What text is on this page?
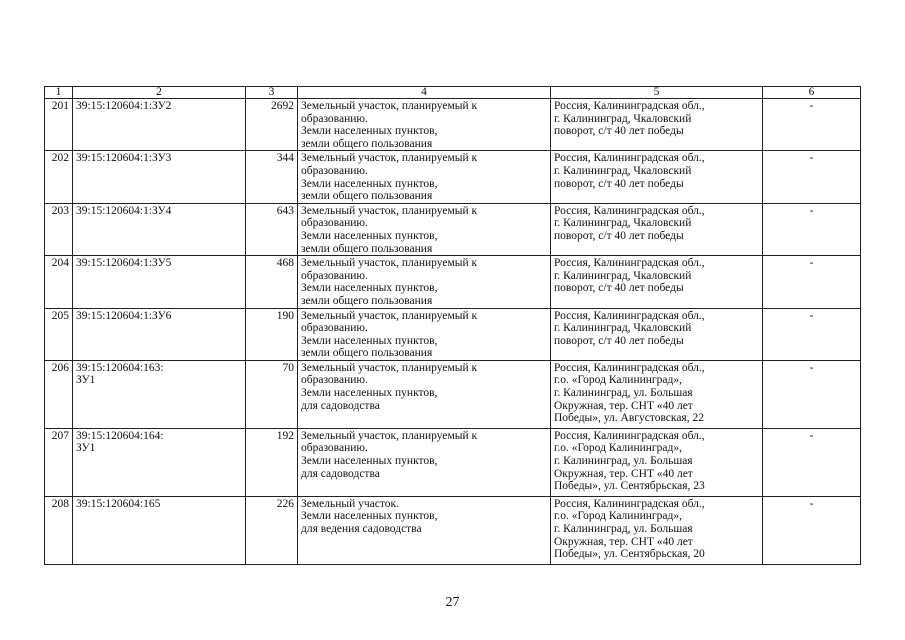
1	2	3	4	5	6
201	39:15:120604:1:ЗУ2	2692	Земельный участок, планируемый к
образованию.
Земли населенных пунктов,
земли общего пользования	Россия, Калининградская обл.,
г. Калининград, Чкаловский
поворот, с/т 40 лет победы	-
202	39:15:120604:1:ЗУ3	344	Земельный участок, планируемый к
образованию.
Земли населенных пунктов,
земли общего пользования	Россия, Калининградская обл.,
г. Калининград, Чкаловский
поворот, с/т 40 лет победы	-
203	39:15:120604:1:ЗУ4	643	Земельный участок, планируемый к
образованию.
Земли населенных пунктов,
земли общего пользования	Россия, Калининградская обл.,
г. Калининград, Чкаловский
поворот, с/т 40 лет победы	-
204	39:15:120604:1:ЗУ5	468	Земельный участок, планируемый к
образованию.
Земли населенных пунктов,
земли общего пользования	Россия, Калининградская обл.,
г. Калининград, Чкаловский
поворот, с/т 40 лет победы	-
205	39:15:120604:1:ЗУ6	190	Земельный участок, планируемый к
образованию.
Земли населенных пунктов,
земли общего пользования	Россия, Калининградская обл.,
г. Калининград, Чкаловский
поворот, с/т 40 лет победы	-
206	39:15:120604:163:
ЗУ1	70	Земельный участок, планируемый к
образованию.
Земли населенных пунктов,
для садоводства	Россия, Калининградская обл.,
г.о. «Город Калининград»,
г. Калининград, ул. Большая
Окружная, тер. СНТ «40 лет
Победы», ул. Августовская, 22	-
207	39:15:120604:164:
ЗУ1	192	Земельный участок, планируемый к
образованию.
Земли населенных пунктов,
для садоводства	Россия, Калининградская обл.,
г.о. «Город Калининград»,
г. Калининград, ул. Большая
Окружная, тер. СНТ «40 лет
Победы», ул. Сентябрьская, 23	-
208	39:15:120604:165	226	Земельный участок.
Земли населенных пунктов,
для ведения садоводства	Россия, Калининградская обл.,
г.о. «Город Калининград»,
г. Калининград, ул. Большая
Окружная, тер. СНТ «40 лет
Победы», ул. Сентябрьская, 20	-
27
